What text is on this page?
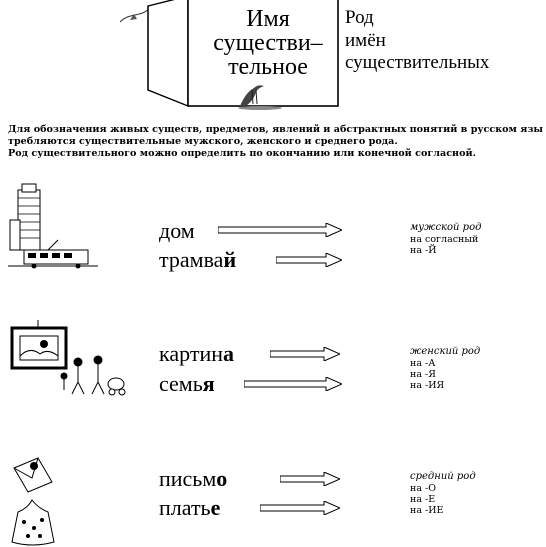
Имя
существи–
тельное
Род
имён
существительных
Для обозначения живых существ, предметов, явлений и абстрактных понятий в русском язы
требляются существительные мужского, женского и среднего рода.
Род существительного можно определить по окончанию или конечной согласной.
дом
трамвай
мужской род
на согласный
на -Й
картина
семья
женский род
на -А
на -Я
на -ИЯ
письмо
платье
средний род
на -О
на -Е
на -ИЕ
